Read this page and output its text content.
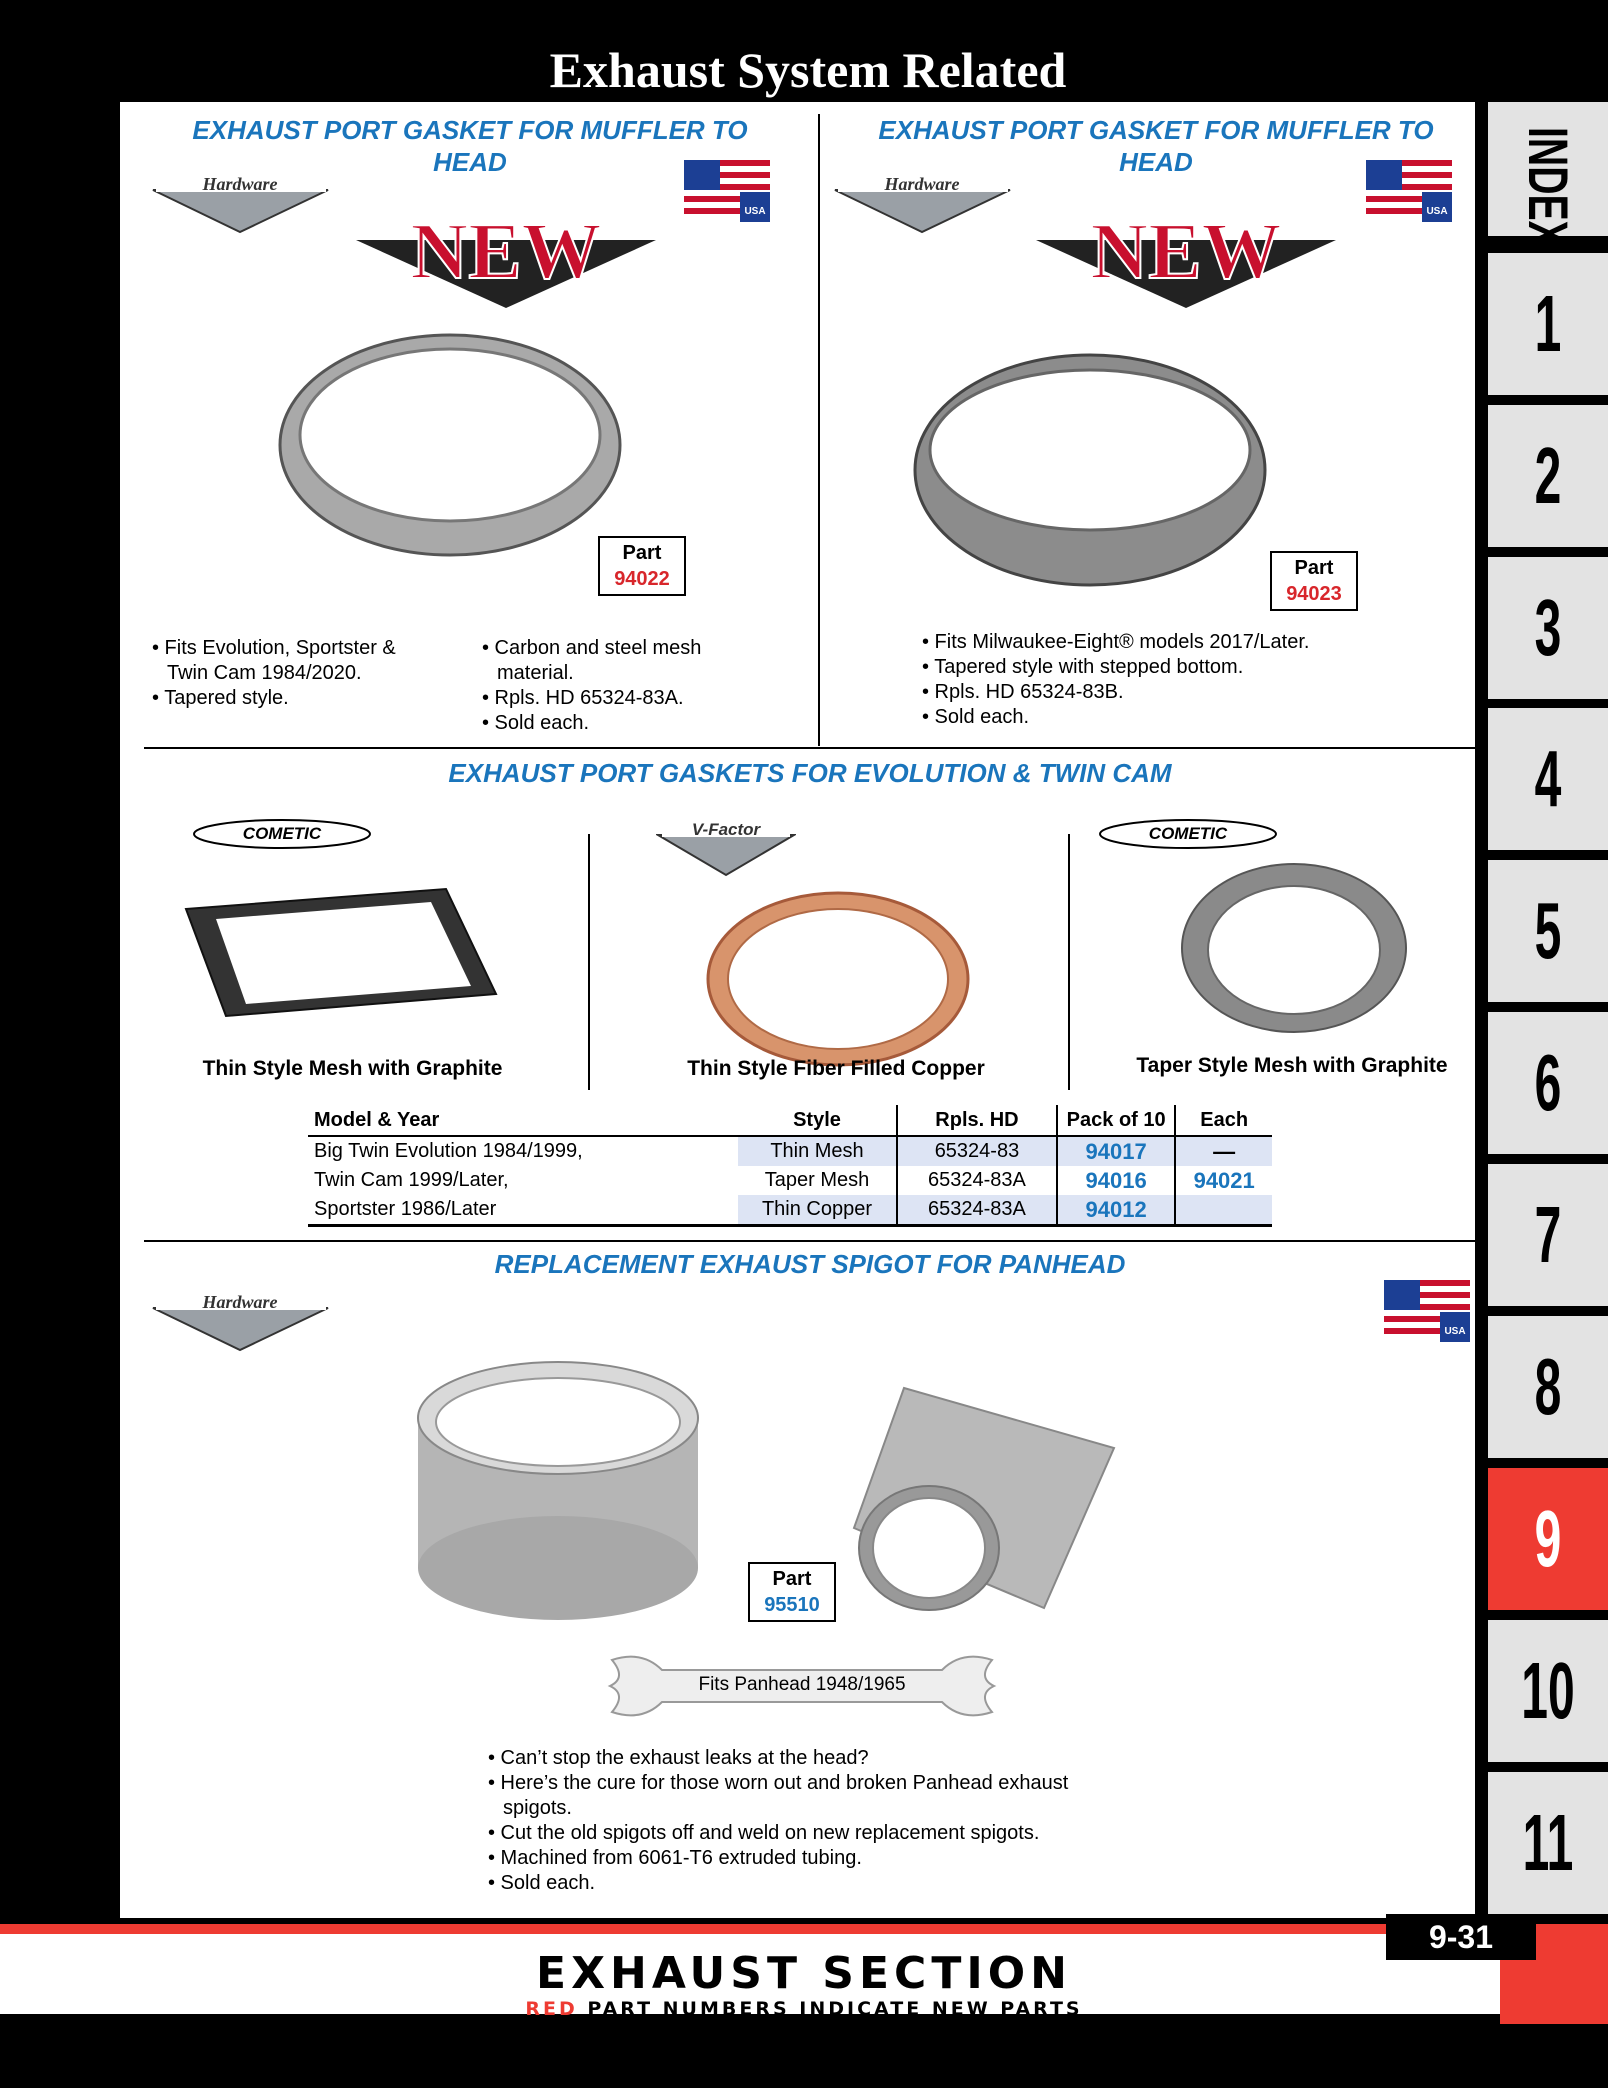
Exhaust System Related
EXHAUST PORT GASKET FOR MUFFLER TO HEAD
Hardware
NEW	USA
Part
94022
• Fits Evolution, Sportster & Twin Cam 1984/2020.
• Tapered style.
• Carbon and steel mesh material.
• Rpls. HD 65324-83A.
• Sold each.
EXHAUST PORT GASKET FOR MUFFLER TO HEAD
Hardware
NEW	USA
Part
94023
• Fits Milwaukee-Eight® models 2017/Later.
• Tapered style with stepped bottom.
• Rpls. HD 65324-83B.
• Sold each.
EXHAUST PORT GASKETS FOR EVOLUTION & TWIN CAM
COMETIC
Thin Style Mesh with Graphite
V-Factor
Thin Style Fiber Filled Copper
COMETIC
Taper Style Mesh with Graphite
Model & Year	Style	Rpls. HD	Pack of 10	Each
Big Twin Evolution 1984/1999,	Thin Mesh	65324-83	94017	—
Twin Cam 1999/Later,	Taper Mesh	65324-83A	94016	94021
Sportster 1986/Later	Thin Copper	65324-83A	94012	
REPLACEMENT EXHAUST SPIGOT FOR PANHEAD
Hardware
USA
Part
95510
Fits Panhead 1948/1965
• Can’t stop the exhaust leaks at the head?
• Here’s the cure for those worn out and broken Panhead exhaust spigots.
• Cut the old spigots off and weld on new replacement spigots.
• Machined from 6061-T6 extruded tubing.
• Sold each.
INDEX
1
2
3
4
5
6
7
8
9
10
11
EXHAUST SECTION
RED PART NUMBERS INDICATE NEW PARTS
9-31
